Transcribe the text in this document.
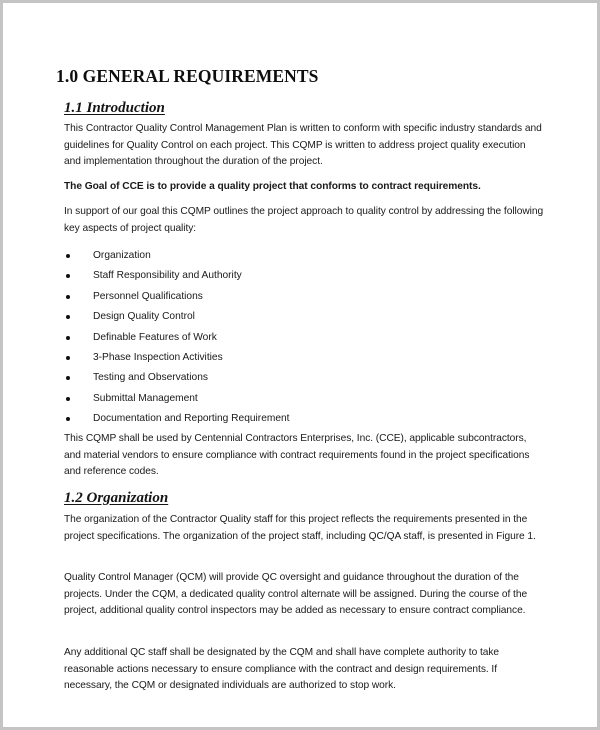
1.0 GENERAL REQUIREMENTS
1.1 Introduction
This Contractor Quality Control Management Plan is written to conform with specific industry standards and guidelines for Quality Control on each project. This CQMP is written to address project quality execution and implementation throughout the duration of the project.
The Goal of CCE is to provide a quality project that conforms to contract requirements.
In support of our goal this CQMP outlines the project approach to quality control by addressing the following key aspects of project quality:
Organization
Staff Responsibility and Authority
Personnel Qualifications
Design Quality Control
Definable Features of Work
3-Phase Inspection Activities
Testing and Observations
Submittal Management
Documentation and Reporting Requirement
This CQMP shall be used by Centennial Contractors Enterprises, Inc. (CCE), applicable subcontractors, and material vendors to ensure compliance with contract requirements found in the project specifications and reference codes.
1.2 Organization
The organization of the Contractor Quality staff for this project reflects the requirements presented in the project specifications. The organization of the project staff, including QC/QA staff, is presented in Figure 1.
Quality Control Manager (QCM) will provide QC oversight and guidance throughout the duration of the projects. Under the CQM, a dedicated quality control alternate will be assigned. During the course of the project, additional quality control inspectors may be added as necessary to ensure contract compliance.
Any additional QC staff shall be designated by the CQM and shall have complete authority to take reasonable actions necessary to ensure compliance with the contract and design requirements. If necessary, the CQM or designated individuals are authorized to stop work.
